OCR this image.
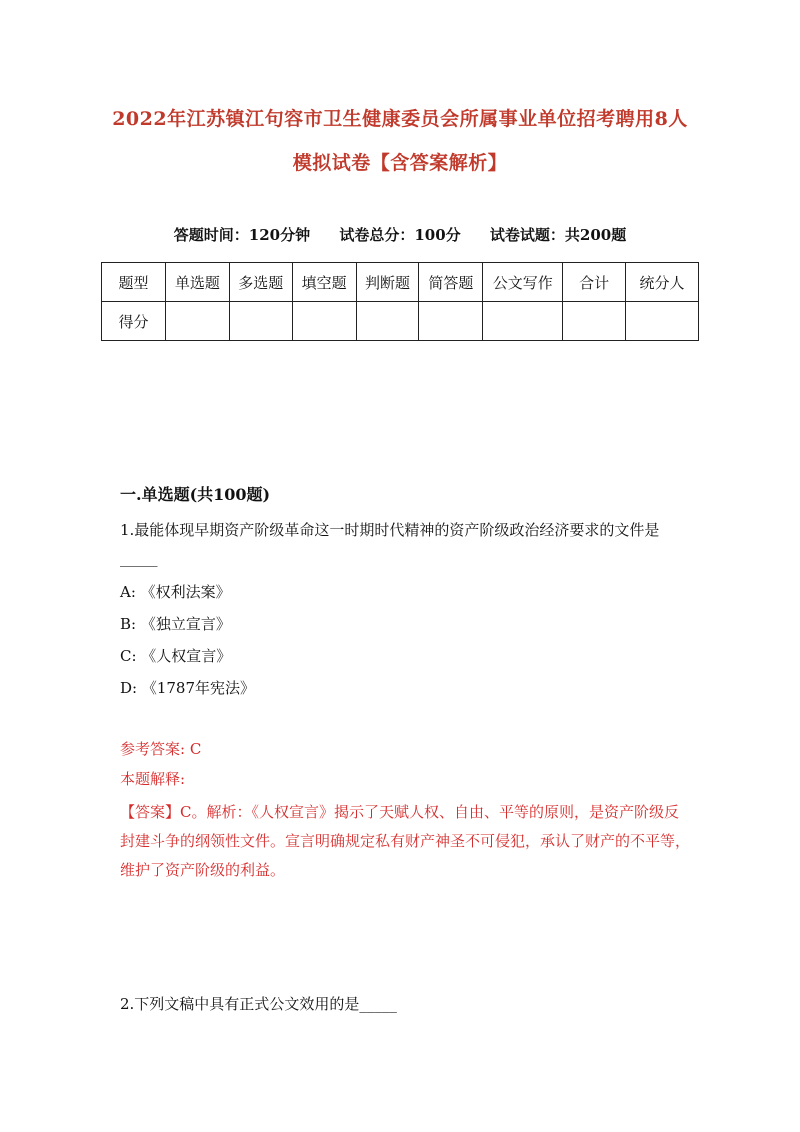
2022年江苏镇江句容市卫生健康委员会所属事业单位招考聘用8人
模拟试卷【含答案解析】
答题时间：120分钟 试卷总分：100分 试卷试题：共200题
题型	单选题	多选题	填空题	判断题	简答题	公文写作	合计	统分人
得分								
一.单选题(共100题)
1.最能体现早期资产阶级革命这一时期时代精神的资产阶级政治经济要求的文件是_____
A: 《权利法案》
B: 《独立宣言》
C: 《人权宣言》
D: 《1787年宪法》
参考答案: C
本题解释:
【答案】C。解析：《人权宣言》揭示了天赋人权、自由、平等的原则，是资产阶级反封建斗争的纲领性文件。宣言明确规定私有财产神圣不可侵犯，承认了财产的不平等，维护了资产阶级的利益。
2.下列文稿中具有正式公文效用的是_____
